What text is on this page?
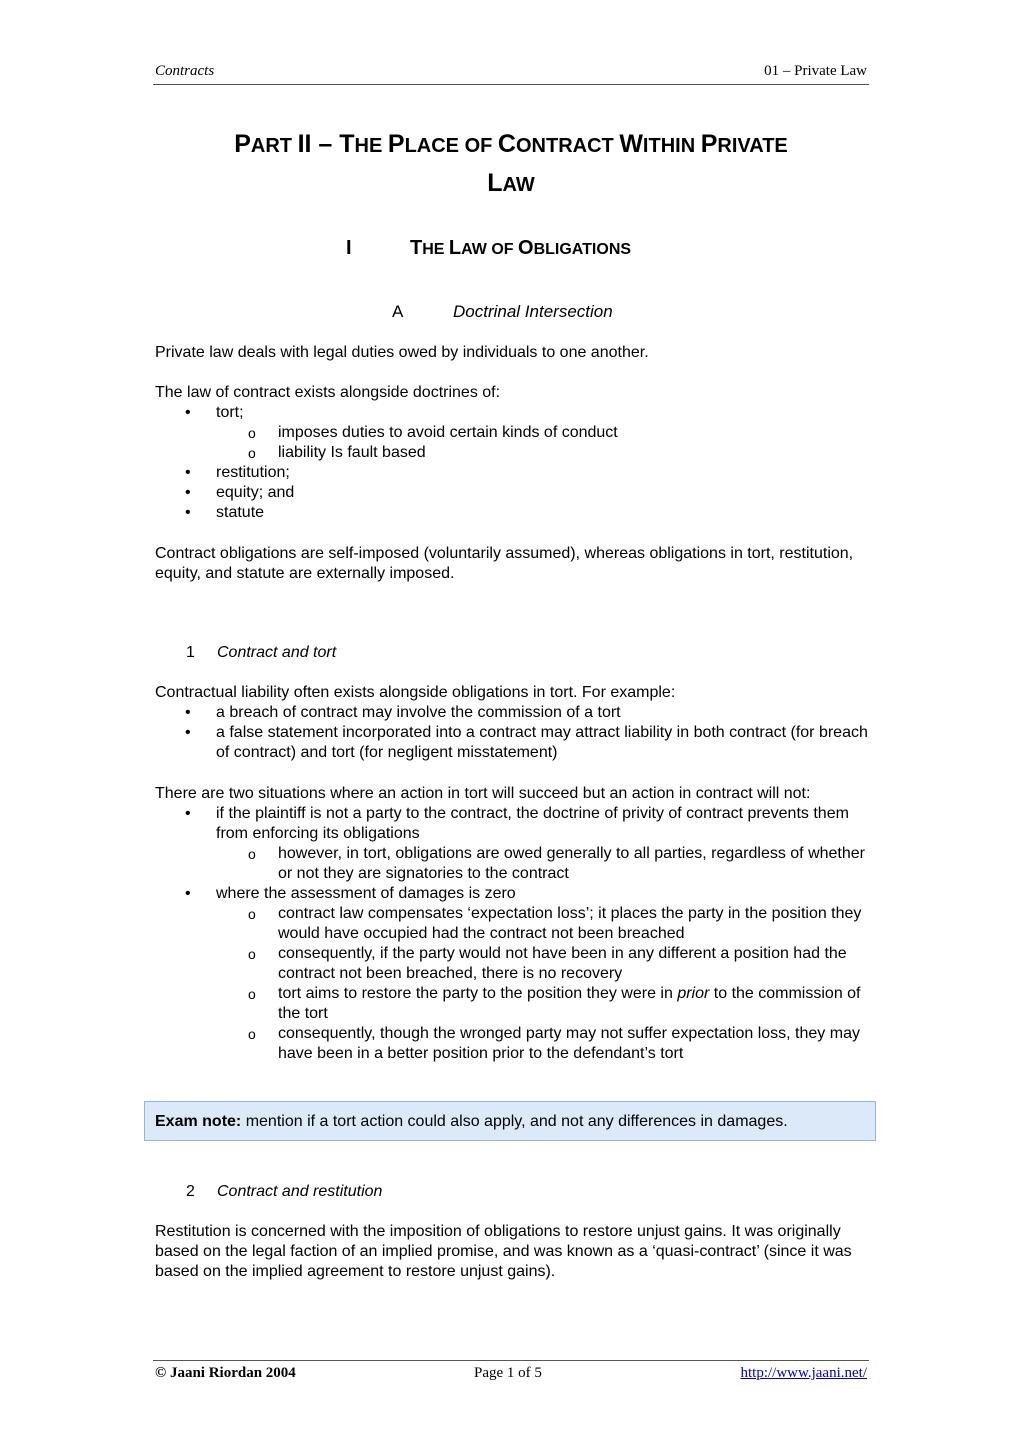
Contracts	01 – Private Law
PART II – THE PLACE OF CONTRACT WITHIN PRIVATE
LAW
I	THE LAW OF OBLIGATIONS
A	Doctrinal Intersection

Private law deals with legal duties owed by individuals to one another.

The law of contract exists alongside doctrines of:

• tort;
o imposes duties to avoid certain kinds of conduct
o liability Is fault based
• restitution;
• equity; and
• statute

Contract obligations are self-imposed (voluntarily assumed), whereas obligations in tort, restitution, equity, and statute are externally imposed.

1 Contract and tort

Contractual liability often exists alongside obligations in tort. For example:

• a breach of contract may involve the commission of a tort
• a false statement incorporated into a contract may attract liability in both contract (for breach of contract) and tort (for negligent misstatement)

There are two situations where an action in tort will succeed but an action in contract will not:

• if the plaintiff is not a party to the contract, the doctrine of privity of contract prevents them from enforcing its obligations
o however, in tort, obligations are owed generally to all parties, regardless of whether or not they are signatories to the contract
• where the assessment of damages is zero
o contract law compensates ‘expectation loss’; it places the party in the position they would have occupied had the contract not been breached
o consequently, if the party would not have been in any different a position had the contract not been breached, there is no recovery
o tort aims to restore the party to the position they were in prior to the commission of the tort
o consequently, though the wronged party may not suffer expectation loss, they may have been in a better position prior to the defendant’s tort
Exam note: mention if a tort action could also apply, and not any differences in damages.
2 Contract and restitution

Restitution is concerned with the imposition of obligations to restore unjust gains. It was originally based on the legal faction of an implied promise, and was known as a ‘quasi-contract’ (since it was based on the implied agreement to restore unjust gains).

© Jaani Riordan 2004	Page 1 of 5	http://www.jaani.net/
